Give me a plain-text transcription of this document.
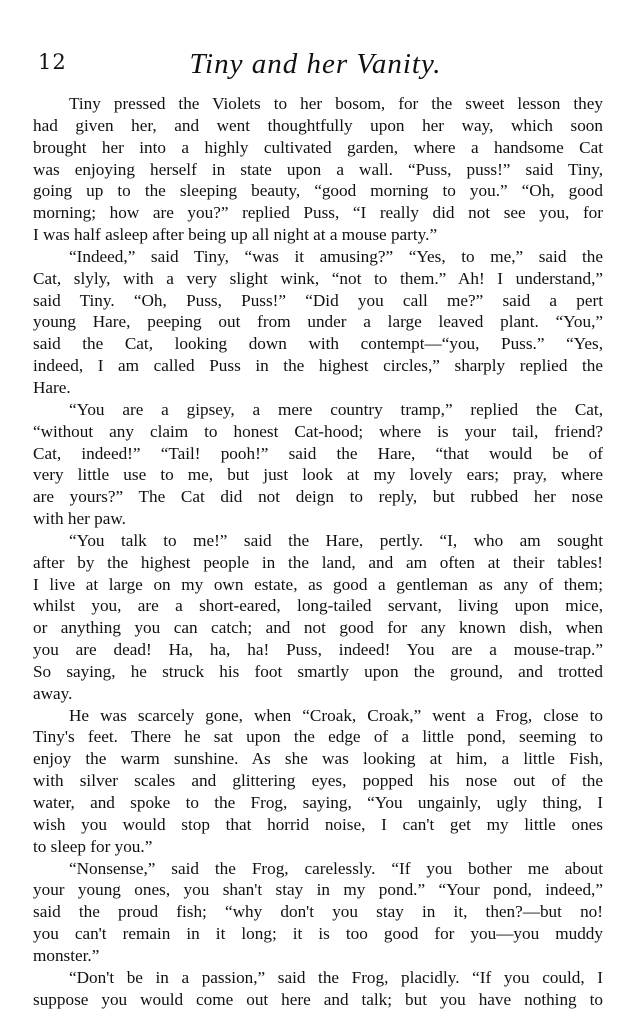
12	Tiny and her Vanity.
Tiny pressed the Violets to her bosom, for the sweet lesson they
had given her, and went thoughtfully upon her way, which soon
brought her into a highly cultivated garden, where a handsome Cat
was enjoying herself in state upon a wall. “Puss, puss!” said Tiny,
going up to the sleeping beauty, “good morning to you.” “Oh, good
morning; how are you?” replied Puss, “I really did not see you, for
I was half asleep after being up all night at a mouse party.”
“Indeed,” said Tiny, “was it amusing?” “Yes, to me,” said the
Cat, slyly, with a very slight wink, “not to them.” Ah! I understand,”
said Tiny. “Oh, Puss, Puss!” “Did you call me?” said a pert
young Hare, peeping out from under a large leaved plant. “You,”
said the Cat, looking down with contempt—“you, Puss.” “Yes,
indeed, I am called Puss in the highest circles,” sharply replied the
Hare.
“You are a gipsey, a mere country tramp,” replied the Cat,
“without any claim to honest Cat-hood; where is your tail, friend?
Cat, indeed!” “Tail! pooh!” said the Hare, “that would be of
very little use to me, but just look at my lovely ears; pray, where
are yours?” The Cat did not deign to reply, but rubbed her nose
with her paw.
“You talk to me!” said the Hare, pertly. “I, who am sought
after by the highest people in the land, and am often at their tables!
I live at large on my own estate, as good a gentleman as any of them;
whilst you, are a short-eared, long-tailed servant, living upon mice,
or anything you can catch; and not good for any known dish, when
you are dead! Ha, ha, ha! Puss, indeed! You are a mouse-trap.”
So saying, he struck his foot smartly upon the ground, and trotted
away.
He was scarcely gone, when “Croak, Croak,” went a Frog, close to
Tiny's feet. There he sat upon the edge of a little pond, seeming to
enjoy the warm sunshine. As she was looking at him, a little Fish,
with silver scales and glittering eyes, popped his nose out of the
water, and spoke to the Frog, saying, “You ungainly, ugly thing, I
wish you would stop that horrid noise, I can't get my little ones
to sleep for you.”
“Nonsense,” said the Frog, carelessly. “If you bother me about
your young ones, you shan't stay in my pond.” “Your pond, indeed,”
said the proud fish; “why don't you stay in it, then?—but no!
you can't remain in it long; it is too good for you—you muddy
monster.”
“Don't be in a passion,” said the Frog, placidly. “If you could, I
suppose you would come out here and talk; but you have nothing to
